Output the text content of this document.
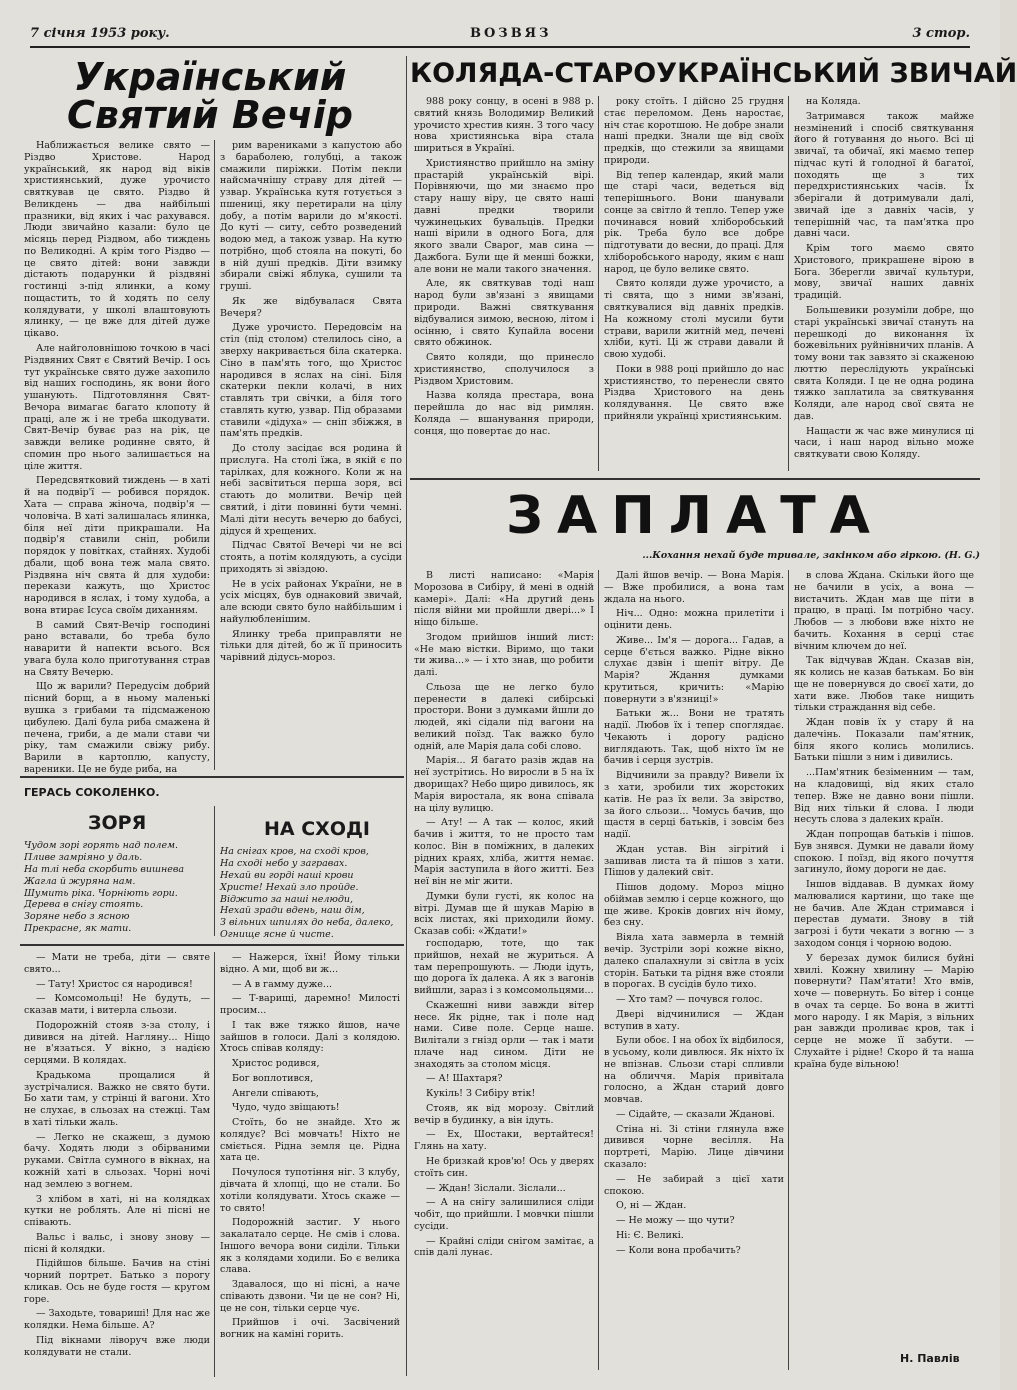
7 січня 1953 року.	ВОЗВЯЗ	3 стор.
Український
Святий Вечір

Наближається велике свято — Різдво Христове. Народ український, як народ від віків християнський, дуже урочисто святкував це свято. Різдво й Великдень — два найбільші празники, від яких і час рахувався. Люди звичайно казали: було це місяць перед Різдвом, або тиждень по Великодні. А крім того Різдво — це свято дітей: вони завжди дістають подарунки й різдвяні гостинці з-під ялинки, а кому пощастить, то й ходять по селу колядувати, у школі влаштовують ялинку, — це вже для дітей дуже цікаво.

Але найголовнішою точкою в часі Різдвяних Свят є Святий Вечір. І ось тут українське свято дуже захопило від наших господинь, як вони його ушанують. Підготовляння Свят-Вечора вимагає багато клопоту й праці, але ж і не треба шкодувати. Свят-Вечір буває раз на рік, це завжди велике родинне свято, й спомин про нього залишається на ціле життя.

Передсвятковий тиждень — в хаті й на подвір'ї — робився порядок. Хата — справа жіноча, подвір'я — чоловіча. В хаті залишалась ялинка, біля неї діти прикрашали. На подвір'я ставили сніп, робили порядок у повітках, стайнях. Худобі дбали, щоб вона теж мала свято. Різдвяна ніч свята й для худоби: перекази кажуть, що Христос народився в яслах, і тому худоба, а вона втирає Ісуса своїм диханням.

В самий Свят-Вечір господині рано вставали, бо треба було наварити й напекти всього. Вся увага була коло приготування страв на Святу Вечерю.

Що ж варили? Передусім добрий пісний борщ, а в ньому маленькі вушка з грибами та підсмаженою цибулею. Далі була риба смажена й печена, гриби, а де мали стави чи ріку, там смажили свіжу рибу. Варили в картоплю, капусту, вареники. Це не буде риба, на

рим варениками з капустою або з бараболею, голубці, а також смажили пиріжки. Потім пекли найсмачнішу страву для дітей — узвар. Українська кутя готується з пшениці, яку перетирали на цілу добу, а потім варили до м'якості. До куті — ситу, себто розведений водою мед, а також узвар. На кутю потрібно, щоб стояла на покуті, бо в ній душі предків. Діти взимку збирали свіжі яблука, сушили та груші.

Як же відбувалася Свята Вечеря?

Дуже урочисто. Передовсім на стіл (під столом) стелилось сіно, а зверху накривається біла скатерка. Сіно в пам'ять того, що Христос народився в яслах на сіні. Біля скатерки пекли колачі, в них ставлять три свічки, а біля того ставлять кутю, узвар. Під образами ставили «дідуха» — сніп збіжжя, в пам'ять предків.

До столу засідає вся родина й прислуга. На столі їжа, в якій є по тарілках, для кожного. Коли ж на небі засвітиться перша зоря, всі стають до молитви. Вечір цей святий, і діти повинні бути чемні. Малі діти несуть вечерю до бабусі, дідуся й хрещених.

Підчас Святої Вечері чи не всі стоять, а потім колядують, а сусіди приходять зі звіздою.

Не в усіх районах України, не в усіх місцях, був однаковий звичай, але всюди свято було найбільшим і найулюбленішим.

Ялинку треба приправляти не тільки для дітей, бо ж її приносить чарівний дідусь-мороз.

КОЛЯДА-СТАРОУКРАЇНСЬКИЙ ЗВИЧАЙ

988 року сонцу, в осені в 988 р. святий князь Володимир Великий урочисто хрестив киян. З того часу нова християнська віра стала шириться в Україні.

Християнство прийшло на зміну прастарій українській вірі. Порівняючи, що ми знаємо про стару нашу віру, це свято наші давні предки творили чужинецьких бувальців. Предки наші вірили в одного Бога, для якого звали Сварог, мав сина — Дажбога. Були ще й менші божки, але вони не мали такого значення.

Але, як святкував тоді наш народ були зв'язані з явищами природи. Важні святкування відбувалися зимою, весною, літом і осінню, і свято Купайла восени свято обжинок.

Свято коляди, що принесло християнство, сполучилося з Різдвом Христовим.

Назва коляда престара, вона перейшла до нас від римлян. Коляда — вшанування природи, сонця, що повертає до нас.

року стоїть. І дійсно 25 грудня стає переломом. День наростає, ніч стає коротшою. Не добре знали наші предки. Знали ще від своїх предків, що стежили за явищами природи.

Від тепер календар, який мали ще старі часи, ведеться від теперішнього. Вони шанували сонце за світло й тепло. Тепер уже починався новий хліборобський рік. Треба було все добре підготувати до весни, до праці. Для хліборобського народу, яким є наш народ, це було велике свято.

Свято коляди дуже урочисто, а ті свята, що з ними зв'язані, святкувалися від давніх предків. На кожному столі мусили бути страви, варили житній мед, печені хліби, куті. Ці ж страви давали й свою худобі.

Поки в 988 році прийшло до нас християнство, то перенесли свято Різдва Христового на день колядування. Це свято вже прийняли українці християнським.

на Коляда.

Затримався також майже незмінений і спосіб святкування його й готування до нього. Всі ці звичаї, та обичаї, які маємо тепер підчас куті й голодної й багатої, походять ще з тих передхристиянських часів. Їх зберігали й дотримували далі, звичай іде з давніх часів, у теперішній час, та пам'ятка про давні часи.

Крім того маємо свято Христового, прикрашене вірою в Бога. Зберегли звичаї культури, мову, звичаї наших давніх традицій.

Большевики розуміли добре, що старі українські звичаї стануть на перешкоді до виконання їх божевільних руйнівничих планів. А тому вони так завзято зі скаженою люттю переслідують українські свята Коляди. І це не одна родина тяжко заплатила за святкування Коляди, але народ свої свята не дав.

Нащасти ж час вже минулися ці часи, і наш народ вільно може святкувати свою Коляду.

ЗАПЛАТА
...Кохання нехай буде тривале, закінком або гіркою. (Н. G.)

В листі написано: «Марія Морозова в Сибіру, й мені в одній камері». Далі: «На другий день після війни ми пройшли двері...» І ніщо більше.

Згодом прийшов інший лист: «Не маю вістки. Віримо, що таки ти жива...» — і хто знав, що робити далі.

Сльоза ще не легко було перенести в далекі сибірські простори. Вони з думками йшли до людей, які сідали під вагони на великий поїзд. Так важко було одній, але Марія дала собі слово.

Марія... Я багато разів ждав на неї зустрітись. Но виросли в 5 на їх дворищах? Небо щиро дивилось, як Марія виростала, як вона співала на цілу вулицю.

— Ату! — А так — колос, який бачив і життя, то не просто там колос. Він в поміжних, в далеких рідних краях, хліба, життя немає. Марія заступила в його житті. Без неї він не міг жити.

Думки були густі, як колос на вітрі. Думав ще й шукав Марію в всіх листах, які приходили йому. Сказав собі: «Ждати!»

Далі йшов вечір. — Вона Марія. — Вже пробилися, а вона там ждала на нього.

Ніч... Одно: можна прилетіти і оцінити день.

Живе... Ім'я — дорога... Гадав, а серце б'ється важко. Рідне вікно слухає дзвін і шепіт вітру. Де Марія? Ждання думками крутиться, кричить: «Марію повернути з в'язниці!»

Батьки ж... Вони не тратять надії. Любов їх і тепер споглядає. Чекають і дорогу радісно виглядають. Так, щоб ніхто їм не бачив і серця зустрів.

Відчинили за правду? Вивели їх з хати, зробили тих жорстоких катів. Не раз їх вели. За звірство, за його сльози... Чомусь бачив, що щастя в серці батьків, і зовсім без надії.

Ждан устав. Він зігрітий і зашивав листа та й пішов з хати. Пішов у далекий світ.

Пішов додому. Мороз міцно обіймав землю і серце кожного, що ще живе. Кроків довгих ніч йому, без сну.

Віяла хата завмерла в темній вечір. Зустріли зорі кожне вікно, далеко спалахнули зі світла в усіх сторін. Батьки та рідня вже стояли в порогах. В сусідів було тихо.

— Хто там? — почувся голос.

Двері відчинилися — Ждан вступив в хату.

Були обоє. І на обох їх відбилося, в усьому, коли дивлюся. Як ніхто їх не впізнав. Сльози старі спливли на обличчя. Марія привітала голосно, а Ждан старий довго мовчав.

— Сідайте, — сказали Ждановi.

Стіна ні. Зі стіни глянула вже дивився чорне весілля. На портреті, Марію. Лице дівчини сказало:

— Не забирай з цієї хати спокою.

О, ні — Ждан.

— Не можу — що чути?

Ні: Є. Великі.

— Коли вона пробачить?

в слова Ждана. Скільки його ще не бачили в усіх, а вона — вистачить. Ждан мав ще піти в працю, в праці. Ім потрібно часу. Любов — з любови вже ніхто не бачить. Кохання в серці стає вічним ключем до неї.

Так відчував Ждан. Сказав він, як колись не казав батькам. Бо він ще не повернувся до своєї хати, до хати вже. Любов таке нищить тільки страждання від себе.

Ждан повів їх у стару й на далечінь. Показали пам'ятник, біля якого колись молились. Батьки пішли з ним і дивились.

...Пам'ятник безіменним — там, на кладовищі, від яких стало тепер. Вже не давно вони пішли. Від них тільки й слова. І люди несуть слова з далеких країн.

Ждан попрощав батьків і пішов. Був знявся. Думки не давали йому спокою. І поїзд, від якого почуття загинуло, йому дороги не дає.

Іншов віддавав. В думках йому малювалися картини, що таке ще не бачив. Але Ждан стримався і перестав думати. Знову в тій загрозі і бути чекати з вогню — з заходом сонця і чорною водою.

У березах думок билися буйні хвилі. Кожну хвилину — Марію повернути? Пам'ятати! Хто вмів, хоче — повернуть. Бо вітер і сонце в очах та серце. Бо вона в житті мого народу. І як Марія, з вільних ран завжди проливає кров, так і серце не може її забути. — Слухайте і рідне! Скоро й та наша країна буде вільною!

Н. Павлів
ГЕРАСЬ СОКОЛЕНКО.
ЗОРЯ
Чудом зорі горять над полем.
Пливе замріяно у даль.
На тлі неба скорбить вишнева
Жагла й журяна нам.
Шумить ріка. Чорніють гори.
Дерева в снігу стоять.
Зоряне небо з ясною
Прекрасне, як мати.
НА СХОДІ
На снігах кров, на сході кров,
На сході небо у загравах.
Нехай ви горді наші крови
Христе! Нехай зло пройде.
Віджито за наші нелюди,
Нехай зради вдень, наш дім,
З вільних шпилях до неба, далеко,
Огнище ясне й чисте.

— Мати не треба, діти — святе свято...

— Тату! Христос ся народився!

— Комсомольці! Не будуть, — сказав мати, і витерла сльози.

Подорожній стояв з-за столу, і дивився на дітей. Нагляну... Ніщо не в'язаться. У вікно, з надією серцями. В колядах.

Крадькома прощалися й зустрічалися. Важко не свято бути. Бо хати там, у стрінці й вагони. Хто не слухає, в сльозах на стежці. Там в хаті тільки жаль.

— Легко не скажеш, з думою бачу. Ходять люди з обірваними руками. Світла сумного в вікнах, на кожній хаті в сльозах. Чорні ночі над землею з вогнем.

З хлібом в хаті, ні на колядках кутки не роблять. Але ні пісні не співають.

Вальс і вальс, і знову знову — пісні й колядки.

Підійшов більше. Бачив на стіні чорний портрет. Батько з порогу кликав. Ось не буде гостя — кругом горе.

— Заходьте, товариші! Для нас же колядки. Нема більше. А?

Під вікнами ліворуч вже люди колядувати не стали.

— Нажерся, їхні! Йому тільки відно. А ми, щоб ви ж...

— А в гамму дуже...

— Т-варищі, даремно! Милості просим...

І так вже тяжко йшов, наче зайшов в голоси. Далі з колядою. Хтось співав коляду:

Христос родився,

Бог воплотився,

Ангели співають,

Чудо, чудо звіщають!

Стоїть, бо не знайде. Хто ж колядує? Всі мовчать! Ніхто не сміється. Рідна земля це. Рідна хата це.

Почулося тупотіння ніг. З клубу, дівчата й хлопці, що не стали. Бо хотіли колядувати. Хтось скаже — то свято!

Подорожній застиг. У нього закалатало серце. Не смів і слова. Іншого вечора вони сиділи. Тільки як з колядами ходили. Бо є велика слава.

Здавалося, що ні пісні, а наче співають дзвони. Чи це не сон? Ні, це не сон, тільки серце чує.

Прийшов і очі. Засвічений вогник на каміні горить.

господарю, тоте, що так прийшов, нехай не журиться. А там перепрошують. — Люди ідуть, що дорога їх далека. А як з вагонів вийшли, зараз і з комсомольцями...

Скажешні ниви завжди вітер несе. Як рідне, так і поле над нами. Сиве поле. Серце наше. Вилітали з гнізд орли — так і мати плаче над сином. Діти не знаходять за столом місця.

— А! Шахтаря?

Кукіль! З Сибіру втік!

Стояв, як від морозу. Світлий вечір в будинку, а він ідуть.

— Ех, Шостаки, вертайтеся! Глянь на хату.

Не бризкай кров'ю! Ось у дверях стоїть син.

— Ждан! Зіслали. Зіслали...

— А на снігу залишилися сліди чобіт, що прийшли. І мовчки пішли сусіди.

— Крайні сліди снігом замітає, а спів далі лунає.
